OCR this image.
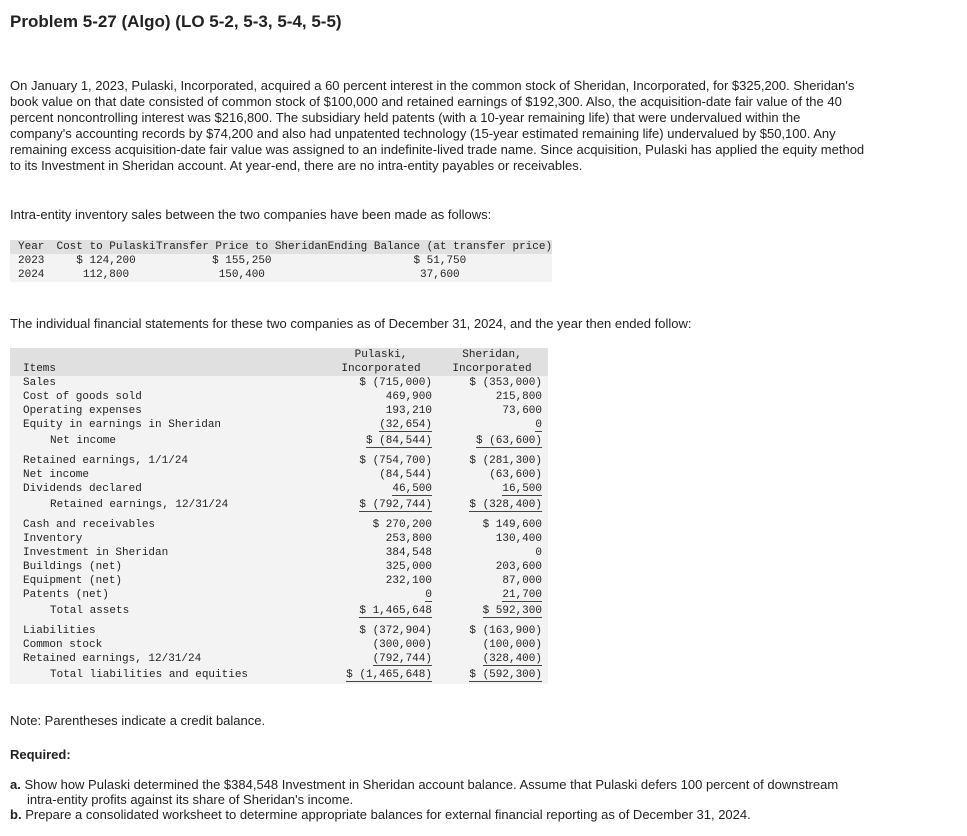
Problem 5-27 (Algo) (LO 5-2, 5-3, 5-4, 5-5)

On January 1, 2023, Pulaski, Incorporated, acquired a 60 percent interest in the common stock of Sheridan, Incorporated, for $325,200. Sheridan's book value on that date consisted of common stock of $100,000 and retained earnings of $192,300. Also, the acquisition-date fair value of the 40 percent noncontrolling interest was $216,800. The subsidiary held patents (with a 10-year remaining life) that were undervalued within the company's accounting records by $74,200 and also had unpatented technology (15-year estimated remaining life) undervalued by $50,100. Any remaining excess acquisition-date fair value was assigned to an indefinite-lived trade name. Since acquisition, Pulaski has applied the equity method to its Investment in Sheridan account. At year-end, there are no intra-entity payables or receivables.

Intra-entity inventory sales between the two companies have been made as follows:

Year	Cost to Pulaski	Transfer Price to Sheridan	Ending Balance (at transfer price)
2023	$ 124,200	$ 155,250	$ 51,750
2024	112,800	150,400	37,600

The individual financial statements for these two companies as of December 31, 2024, and the year then ended follow:

Items	Pulaski, Incorporated	Sheridan, Incorporated
Sales	$ (715,000)	$ (353,000)
Cost of goods sold	469,900	215,800
Operating expenses	193,210	73,600
Equity in earnings in Sheridan	(32,654)	0
Net income	$ (84,544)	$ (63,600)
Retained earnings, 1/1/24	$ (754,700)	$ (281,300)
Net income	(84,544)	(63,600)
Dividends declared	46,500	16,500
Retained earnings, 12/31/24	$ (792,744)	$ (328,400)
Cash and receivables	$ 270,200	$ 149,600
Inventory	253,800	130,400
Investment in Sheridan	384,548	0
Buildings (net)	325,000	203,600
Equipment (net)	232,100	87,000
Patents (net)	0	21,700
Total assets	$ 1,465,648	$ 592,300
Liabilities	$ (372,904)	$ (163,900)
Common stock	(300,000)	(100,000)
Retained earnings, 12/31/24	(792,744)	(328,400)
Total liabilities and equities	$ (1,465,648)	$ (592,300)

Note: Parentheses indicate a credit balance.

Required:

a. Show how Pulaski determined the $384,548 Investment in Sheridan account balance. Assume that Pulaski defers 100 percent of downstream intra-entity profits against its share of Sheridan's income.
b. Prepare a consolidated worksheet to determine appropriate balances for external financial reporting as of December 31, 2024.
